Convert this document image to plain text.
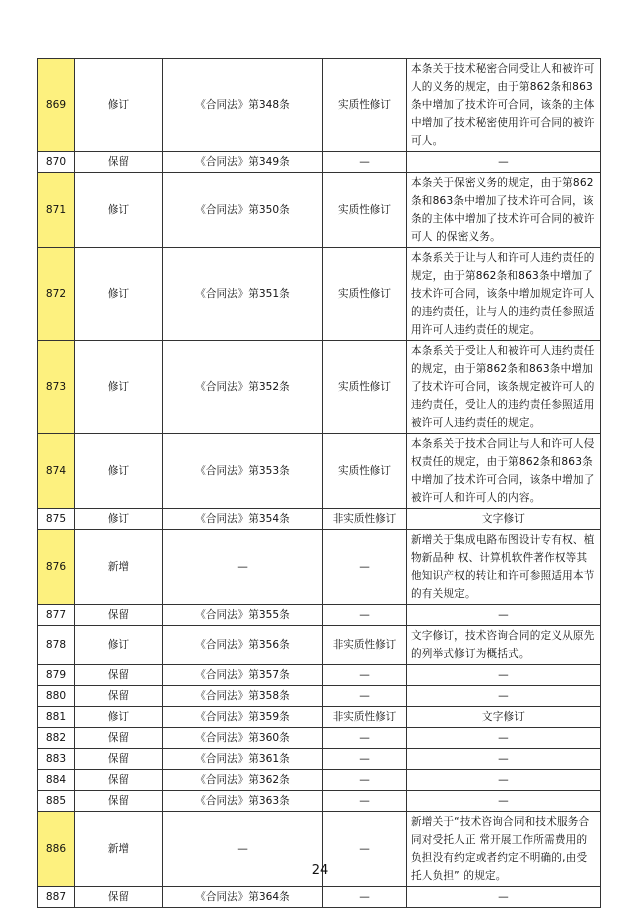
869	修订	《合同法》第348条	实质性修订	本条关于技术秘密合同受让人和被许可人的义务的规定，由于第862条和863条中增加了技术许可合同，该条的主体中增加了技术秘密使用许可合同的被许可人。
870	保留	《合同法》第349条	—	—
871	修订	《合同法》第350条	实质性修订	本条关于保密义务的规定，由于第862条和863条中增加了技术许可合同，该条的主体中增加了技术许可合同的被许可人 的保密义务。
872	修订	《合同法》第351条	实质性修订	本条系关于让与人和许可人违约责任的规定，由于第862条和863条中增加了技术许可合同，该条中增加规定许可人的违约责任，让与人的违约责任参照适用许可人违约责任的规定。
873	修订	《合同法》第352条	实质性修订	本条系关于受让人和被许可人违约责任的规定，由于第862条和863条中增加了技术许可合同，该条规定被许可人的违约责任，受让人的违约责任参照适用被许可人违约责任的规定。
874	修订	《合同法》第353条	实质性修订	本条系关于技术合同让与人和许可人侵权责任的规定，由于第862条和863条中增加了技术许可合同，该条中增加了被许可人和许可人的内容。
875	修订	《合同法》第354条	非实质性修订	文字修订
876	新增	—	—	新增关于集成电路布图设计专有权、植物新品种 权、计算机软件著作权等其他知识产权的转让和许可参照适用本节的有关规定。
877	保留	《合同法》第355条	—	—
878	修订	《合同法》第356条	非实质性修订	文字修订，技术咨询合同的定义从原先的列举式修订为概括式。
879	保留	《合同法》第357条	—	—
880	保留	《合同法》第358条	—	—
881	修订	《合同法》第359条	非实质性修订	文字修订
882	保留	《合同法》第360条	—	—
883	保留	《合同法》第361条	—	—
884	保留	《合同法》第362条	—	—
885	保留	《合同法》第363条	—	—
886	新增	—	—	新增关于“技术咨询合同和技术服务合同对受托人正 常开展工作所需费用的负担没有约定或者约定不明确的,由受托人负担” 的规定。
887	保留	《合同法》第364条	—	—
24
